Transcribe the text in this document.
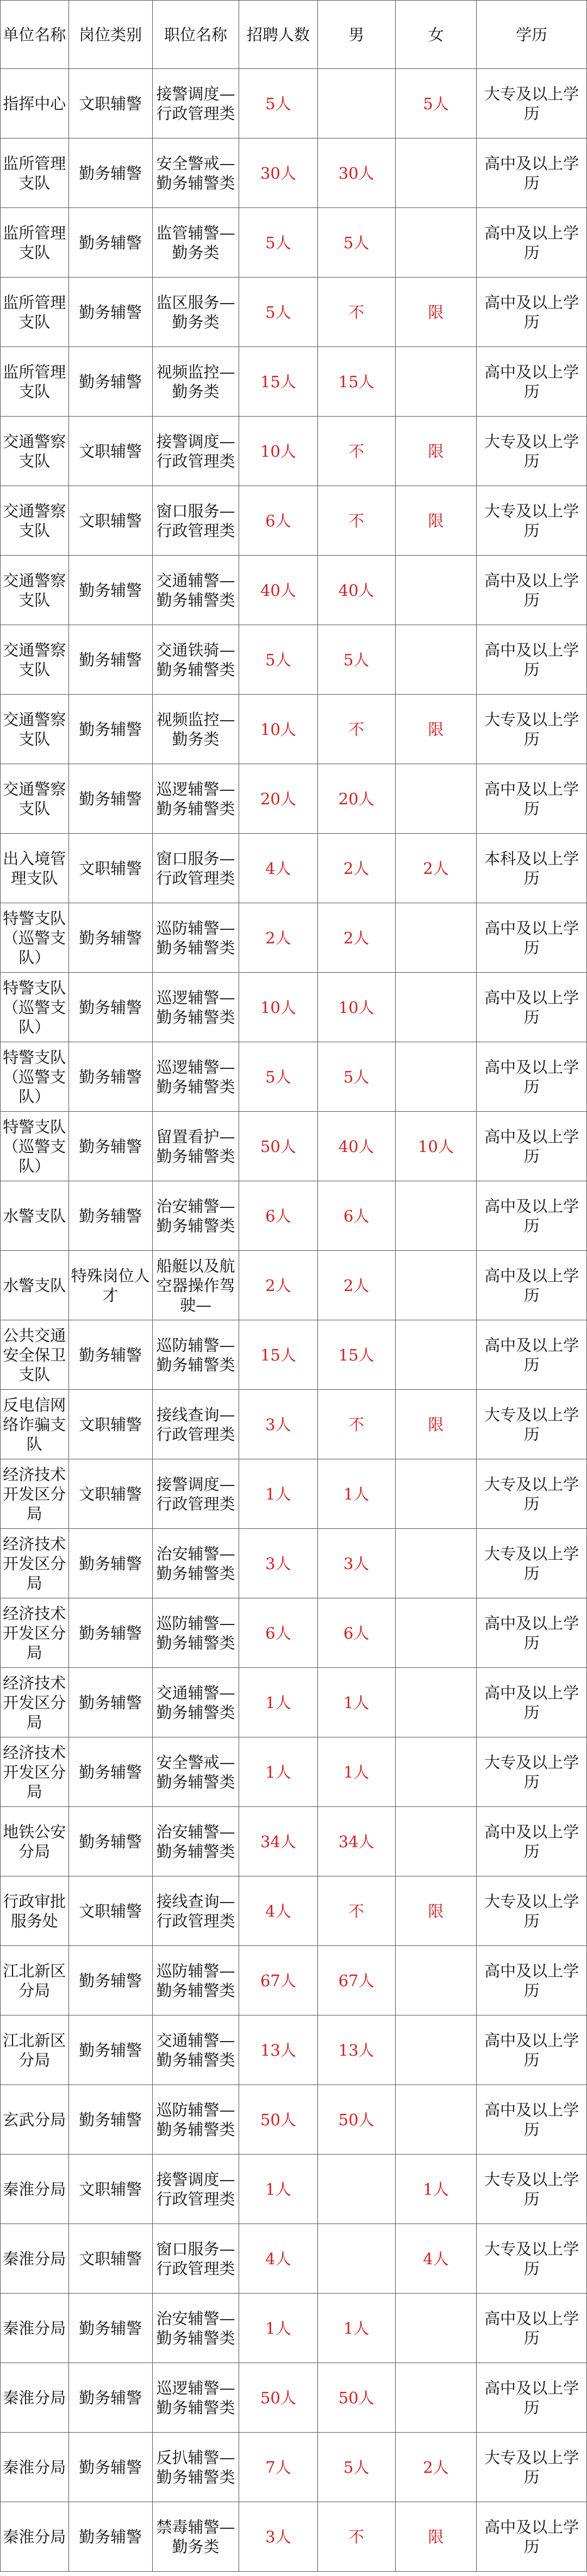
单位名称	岗位类别	职位名称	招聘人数	男	女	学历
指挥中心	文职辅警	接警调度—行政管理类	5人		5人	大专及以上学历
监所管理支队	勤务辅警	安全警戒—勤务辅警类	30人	30人		高中及以上学历
监所管理支队	勤务辅警	监管辅警—勤务类	5人	5人		高中及以上学历
监所管理支队	勤务辅警	监区服务—勤务类	5人	不	限	高中及以上学历
监所管理支队	勤务辅警	视频监控—勤务类	15人	15人		高中及以上学历
交通警察支队	文职辅警	接警调度—行政管理类	10人	不	限	大专及以上学历
交通警察支队	文职辅警	窗口服务—行政管理类	6人	不	限	大专及以上学历
交通警察支队	勤务辅警	交通辅警—勤务辅警类	40人	40人		高中及以上学历
交通警察支队	勤务辅警	交通铁骑—勤务辅警类	5人	5人		高中及以上学历
交通警察支队	勤务辅警	视频监控—勤务类	10人	不	限	大专及以上学历
交通警察支队	勤务辅警	巡逻辅警—勤务辅警类	20人	20人		高中及以上学历
出入境管理支队	文职辅警	窗口服务—行政管理类	4人	2人	2人	本科及以上学历
特警支队（巡警支队）	勤务辅警	巡防辅警—勤务辅警类	2人	2人		高中及以上学历
特警支队（巡警支队）	勤务辅警	巡逻辅警—勤务辅警类	10人	10人		高中及以上学历
特警支队（巡警支队）	勤务辅警	巡逻辅警—勤务辅警类	5人	5人		高中及以上学历
特警支队（巡警支队）	勤务辅警	留置看护—勤务辅警类	50人	40人	10人	高中及以上学历
水警支队	勤务辅警	治安辅警—勤务辅警类	6人	6人		高中及以上学历
水警支队	特殊岗位人才	船艇以及航空器操作驾驶—	2人	2人		高中及以上学历
公共交通安全保卫支队	勤务辅警	巡防辅警—勤务辅警类	15人	15人		高中及以上学历
反电信网络诈骗支队	文职辅警	接线查询—行政管理类	3人	不	限	大专及以上学历
经济技术开发区分局	文职辅警	接警调度—行政管理类	1人	1人		大专及以上学历
经济技术开发区分局	勤务辅警	治安辅警—勤务辅警类	3人	3人		大专及以上学历
经济技术开发区分局	勤务辅警	巡防辅警—勤务辅警类	6人	6人		高中及以上学历
经济技术开发区分局	勤务辅警	交通辅警—勤务辅警类	1人	1人		高中及以上学历
经济技术开发区分局	勤务辅警	安全警戒—勤务辅警类	1人	1人		大专及以上学历
地铁公安分局	勤务辅警	治安辅警—勤务辅警类	34人	34人		高中及以上学历
行政审批服务处	文职辅警	接线查询—行政管理类	4人	不	限	大专及以上学历
江北新区分局	勤务辅警	巡防辅警—勤务辅警类	67人	67人		高中及以上学历
江北新区分局	勤务辅警	交通辅警—勤务辅警类	13人	13人		高中及以上学历
玄武分局	勤务辅警	巡防辅警—勤务辅警类	50人	50人		高中及以上学历
秦淮分局	文职辅警	接警调度—行政管理类	1人		1人	大专及以上学历
秦淮分局	文职辅警	窗口服务—行政管理类	4人		4人	大专及以上学历
秦淮分局	勤务辅警	治安辅警—勤务辅警类	1人	1人		高中及以上学历
秦淮分局	勤务辅警	巡逻辅警—勤务辅警类	50人	50人		高中及以上学历
秦淮分局	勤务辅警	反扒辅警—勤务辅警类	7人	5人	2人	大专及以上学历
秦淮分局	勤务辅警	禁毒辅警—勤务类	3人	不	限	高中及以上学历
